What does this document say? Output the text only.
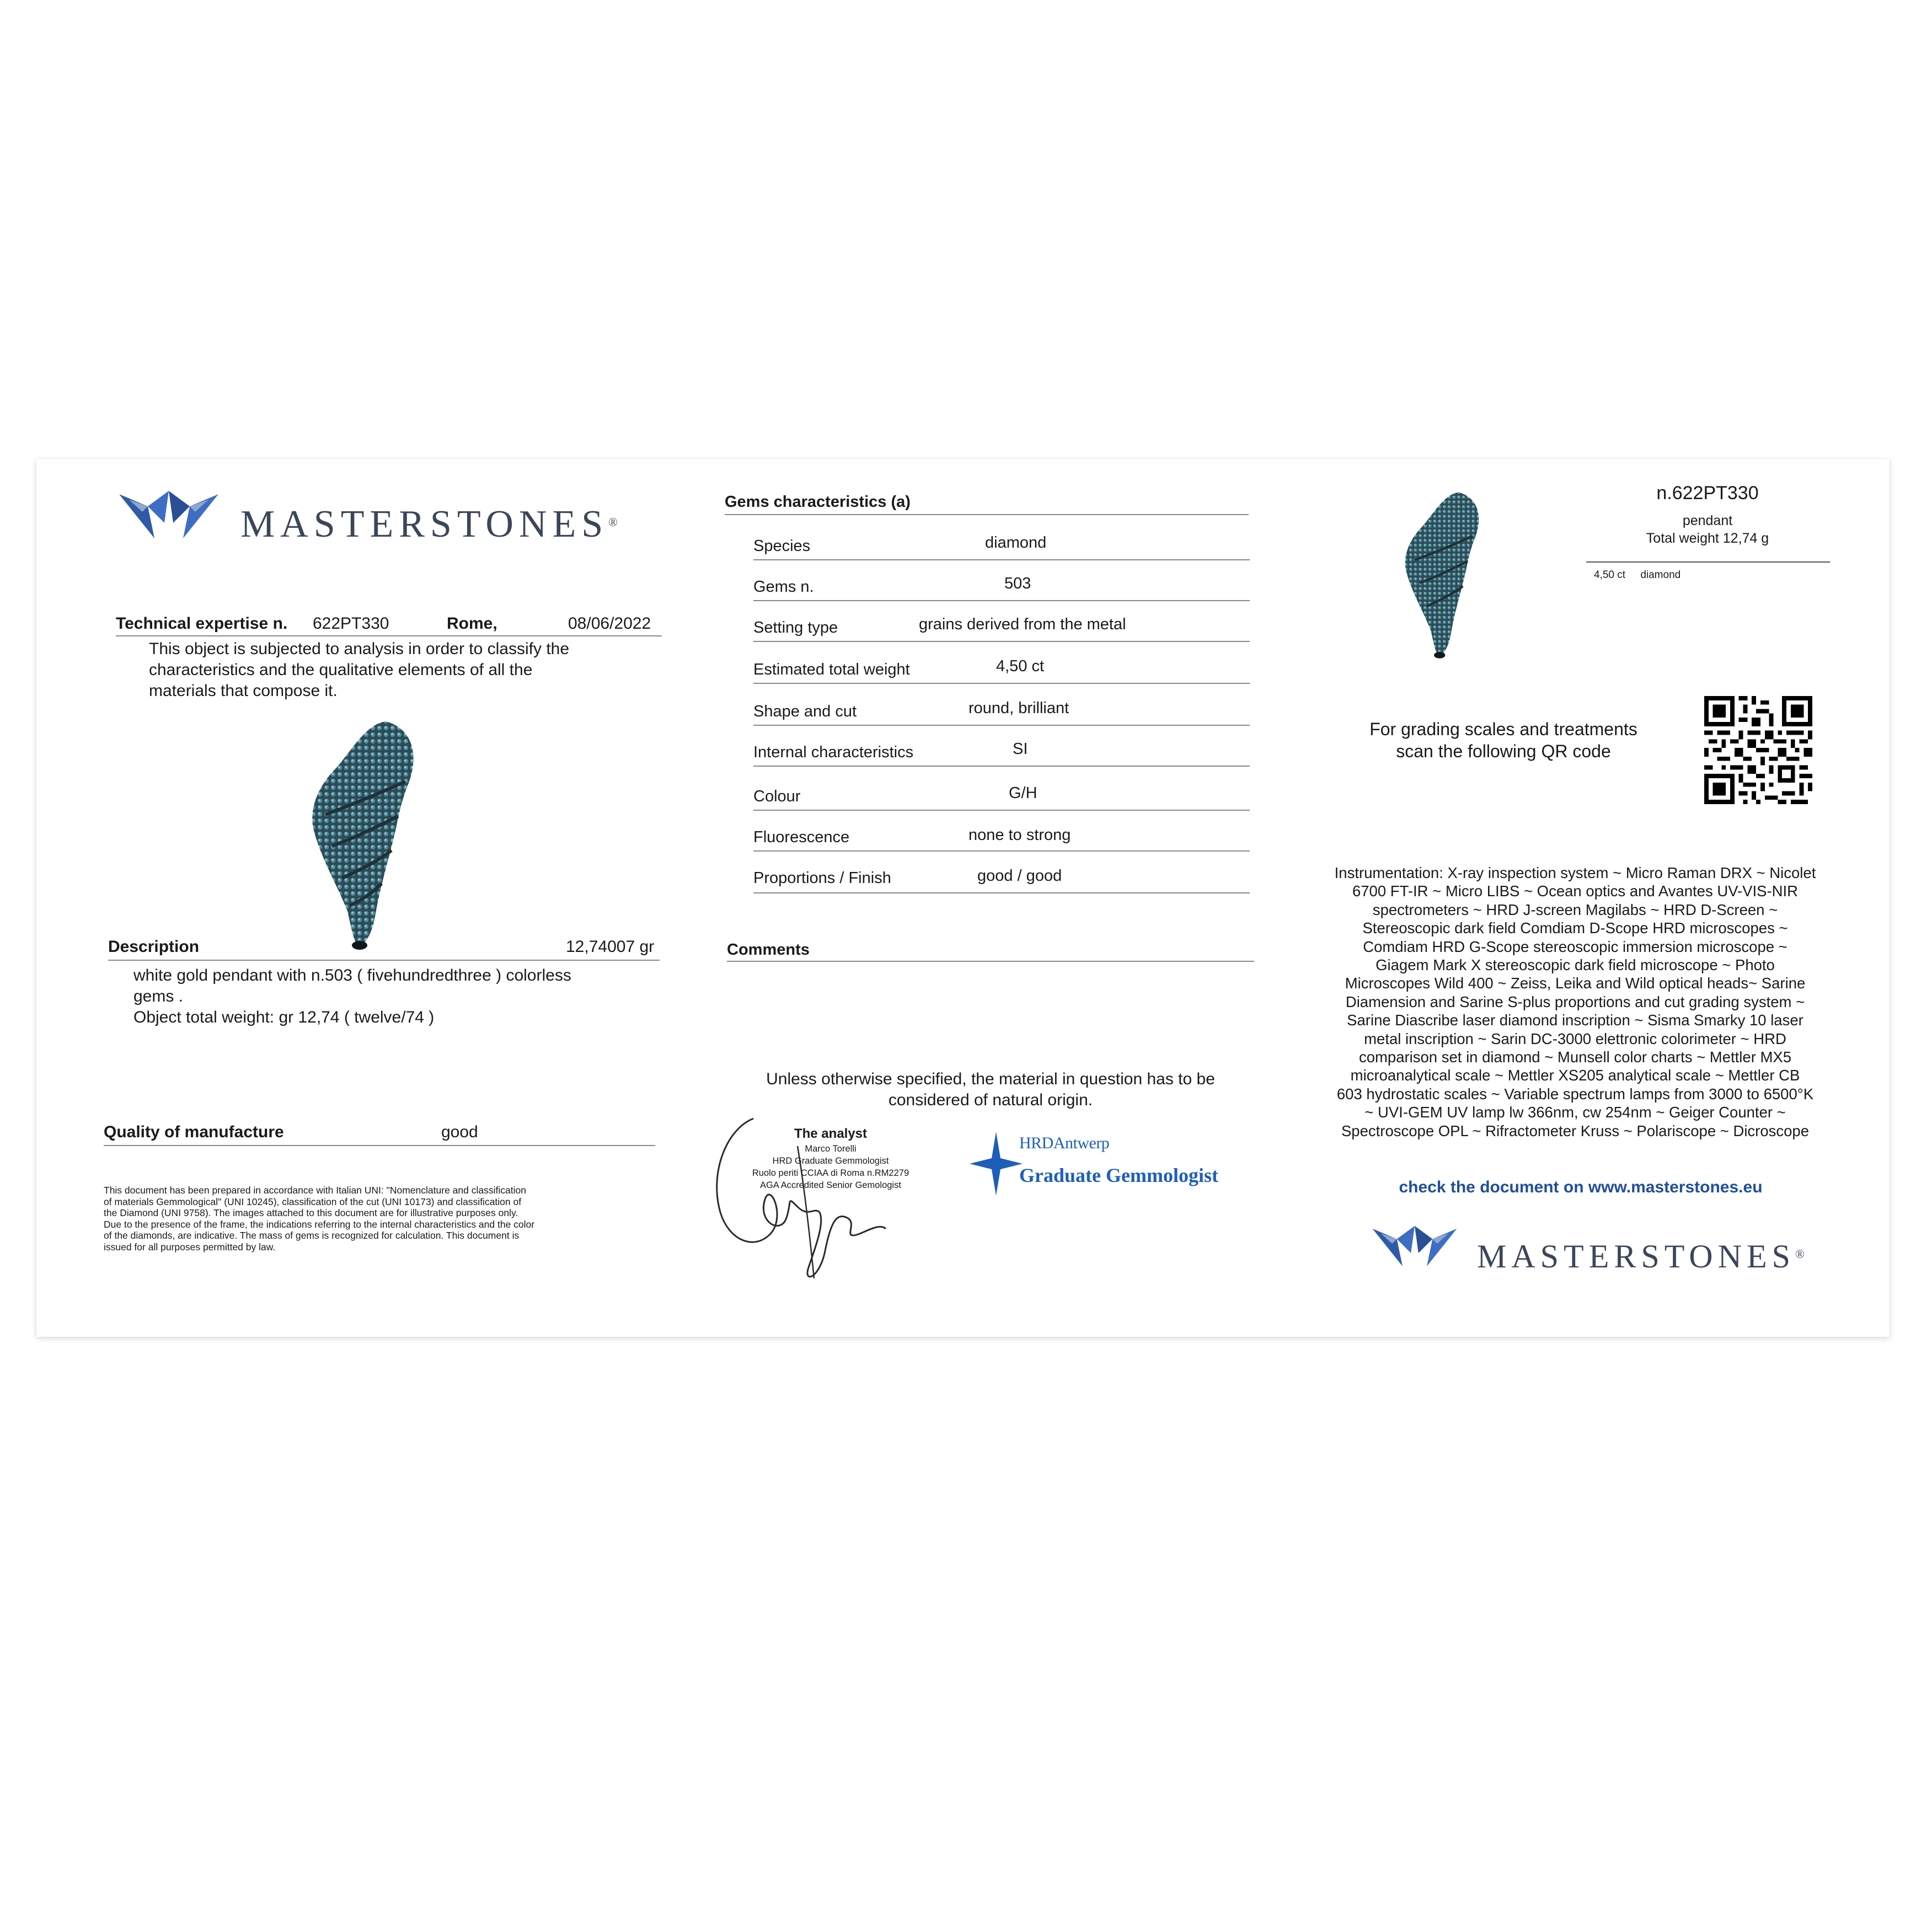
MASTERSTONES®
Technical expertise n. 622PT330	Rome,	08/06/2022
This object is subjected to analysis in order to classify the
characteristics and the qualitative elements of all the
materials that compose it.
Description	12,74007 gr
white gold pendant with n.503 ( fivehundredthree ) colorless
gems .
Object total weight: gr 12,74 ( twelve/74 )
Quality of manufacture	good
This document has been prepared in accordance with Italian UNI: "Nomenclature and classification
of materials Gemmological" (UNI 10245), classification of the cut (UNI 10173) and classification of
the Diamond (UNI 9758). The images attached to this document are for illustrative purposes only.
Due to the presence of the frame, the indications referring to the internal characteristics and the color
of the diamonds, are indicative. The mass of gems is recognized for calculation. This document is
issued for all purposes permitted by law.
Gems characteristics (a)
Species	diamond
Gems n.	503
Setting type	grains derived from the metal
Estimated total weight	4,50 ct
Shape and cut	round, brilliant
Internal characteristics	SI
Colour	G/H
Fluorescence	none to strong
Proportions / Finish	good / good
Comments
Unless otherwise specified, the material in question has to be
considered of natural origin.
The analyst
Marco Torelli
HRD Graduate Gemmologist
Ruolo periti CCIAA di Roma n.RM2279
AGA Accredited Senior Gemologist
HRDAntwerp
Graduate Gemmologist
n.622PT330
pendant
Total weight 12,74 g
4,50 ct diamond
For grading scales and treatments
scan the following QR code
Instrumentation: X-ray inspection system ~ Micro Raman DRX ~ Nicolet
6700 FT-IR ~ Micro LIBS ~ Ocean optics and Avantes UV-VIS-NIR
spectrometers ~ HRD J-screen Magilabs ~ HRD D-Screen ~
Stereoscopic dark field Comdiam D-Scope HRD microscopes ~
Comdiam HRD G-Scope stereoscopic immersion microscope ~
Giagem Mark X stereoscopic dark field microscope ~ Photo
Microscopes Wild 400 ~ Zeiss, Leika and Wild optical heads~ Sarine
Diamension and Sarine S-plus proportions and cut grading system ~
Sarine Diascribe laser diamond inscription ~ Sisma Smarky 10 laser
metal inscription ~ Sarin DC-3000 elettronic colorimeter ~ HRD
comparison set in diamond ~ Munsell color charts ~ Mettler MX5
microanalytical scale ~ Mettler XS205 analytical scale ~ Mettler CB
603 hydrostatic scales ~ Variable spectrum lamps from 3000 to 6500°K
~ UVI-GEM UV lamp lw 366nm, cw 254nm ~ Geiger Counter ~
Spectroscope OPL ~ Rifractometer Kruss ~ Polariscope ~ Dicroscope
check the document on www.masterstones.eu
MASTERSTONES®
